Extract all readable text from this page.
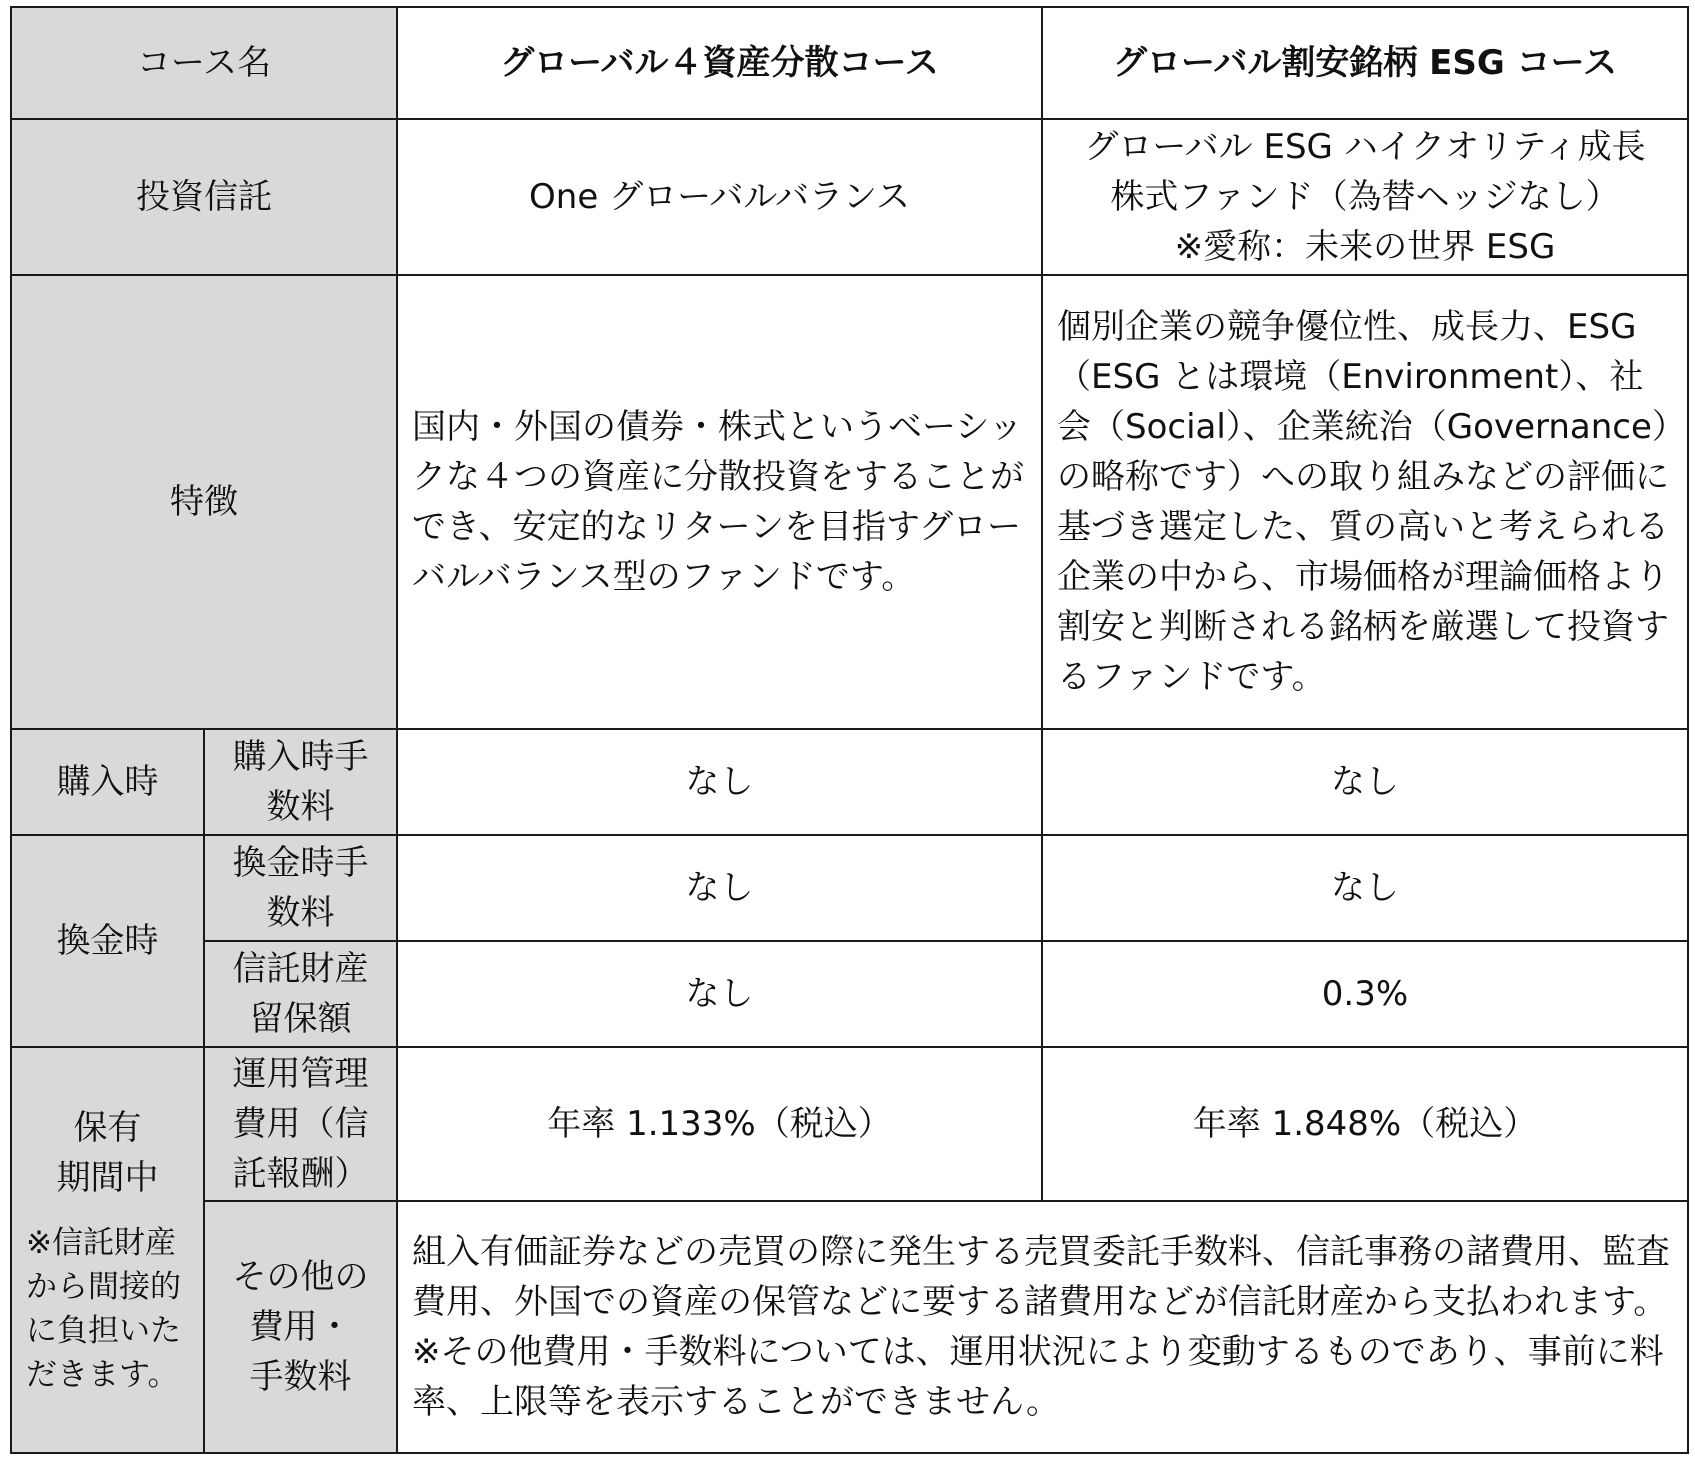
コース名		グローバル４資産分散コース	グローバル割安銘柄 ESG コース
投資信託		One グローバルバランス	グローバル ESG ハイクオリティ成長
株式ファンド（為替ヘッジなし）
※愛称：未来の世界 ESG

特徴		国内・外国の債券・株式というベーシックな４つの資産に分散投資をすることができ、安定的なリターンを目指すグローバルバランス型のファンドです。	個別企業の競争優位性、成長力、ESG（ESG とは環境（Environment）、社会（Social）、企業統治（Governance）の略称です）への取り組みなどの評価に基づき選定した、質の高いと考えられる企業の中から、市場価格が理論価格より割安と判断される銘柄を厳選して投資するファンドです。
購入時	購入時手数料	なし	なし
換金時	換金時手数料	なし	なし
	信託財産留保額	なし	0.3%

保有
期間中
※信託財産から間接的に負担いただきます。	運用管理費用（信託報酬）	年率 1.133%（税込）	年率 1.848%（税込）

	その他の
費用・
手数料	組入有価証券などの売買の際に発生する売買委託手数料、信託事務の諸費用、監査費用、外国での資産の保管などに要する諸費用などが信託財産から支払われます。
※その他費用・手数料については、運用状況により変動するものであり、事前に料率、上限等を表示することができません。	
